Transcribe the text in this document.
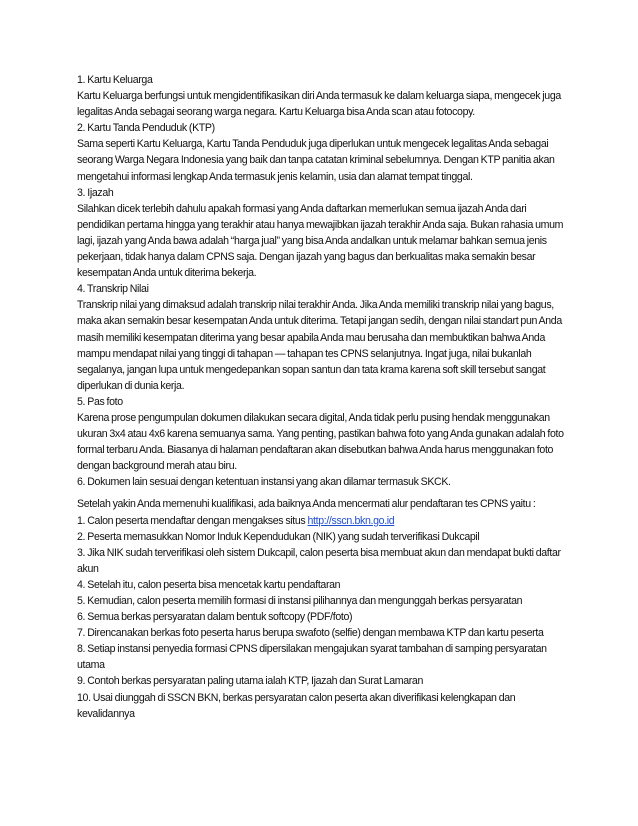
1. Kartu Keluarga

Kartu Keluarga berfungsi untuk mengidentifikasikan diri Anda termasuk ke dalam keluarga siapa, mengecek juga legalitas Anda sebagai seorang warga negara. Kartu Keluarga bisa Anda scan atau fotocopy.

2. Kartu Tanda Penduduk (KTP)

Sama seperti Kartu Keluarga, Kartu Tanda Penduduk juga diperlukan untuk mengecek legalitas Anda sebagai seorang Warga Negara Indonesia yang baik dan tanpa catatan kriminal sebelumnya. Dengan KTP panitia akan mengetahui informasi lengkap Anda termasuk jenis kelamin, usia dan alamat tempat tinggal.

3. Ijazah

Silahkan dicek terlebih dahulu apakah formasi yang Anda daftarkan memerlukan semua ijazah Anda dari pendidikan pertama hingga yang terakhir atau hanya mewajibkan ijazah terakhir Anda saja. Bukan rahasia umum lagi, ijazah yang Anda bawa adalah “harga jual” yang bisa Anda andalkan untuk melamar bahkan semua jenis pekerjaan, tidak hanya dalam CPNS saja. Dengan ijazah yang bagus dan berkualitas maka semakin besar kesempatan Anda untuk diterima bekerja.

4. Transkrip Nilai

Transkrip nilai yang dimaksud adalah transkrip nilai terakhir Anda. Jika Anda memiliki transkrip nilai yang bagus, maka akan semakin besar kesempatan Anda untuk diterima. Tetapi jangan sedih, dengan nilai standart pun Anda masih memiliki kesempatan diterima yang besar apabila Anda mau berusaha dan membuktikan bahwa Anda mampu mendapat nilai yang tinggi di tahapan — tahapan tes CPNS selanjutnya. Ingat juga, nilai bukanlah segalanya, jangan lupa untuk mengedepankan sopan santun dan tata krama karena soft skill tersebut sangat diperlukan di dunia kerja.

5. Pas foto

Karena prose pengumpulan dokumen dilakukan secara digital, Anda tidak perlu pusing hendak menggunakan ukuran 3x4 atau 4x6 karena semuanya sama. Yang penting, pastikan bahwa foto yang Anda gunakan adalah foto formal terbaru Anda. Biasanya di halaman pendaftaran akan disebutkan bahwa Anda harus menggunakan foto dengan background merah atau biru.

6. Dokumen lain sesuai dengan ketentuan instansi yang akan dilamar termasuk SKCK.

Setelah yakin Anda memenuhi kualifikasi, ada baiknya Anda mencermati alur pendaftaran tes CPNS yaitu :

1. Calon peserta mendaftar dengan mengakses situs http://sscn.bkn.go.id

2. Peserta memasukkan Nomor Induk Kependudukan (NIK) yang sudah terverifikasi Dukcapil

3. Jika NIK sudah terverifikasi oleh sistem Dukcapil, calon peserta bisa membuat akun dan mendapat bukti daftar akun

4. Setelah itu, calon peserta bisa mencetak kartu pendaftaran

5. Kemudian, calon peserta memilih formasi di instansi pilihannya dan mengunggah berkas persyaratan

6. Semua berkas persyaratan dalam bentuk softcopy (PDF/foto)

7. Direncanakan berkas foto peserta harus berupa swafoto (selfie) dengan membawa KTP dan kartu peserta

8. Setiap instansi penyedia formasi CPNS dipersilakan mengajukan syarat tambahan di samping persyaratan utama

9. Contoh berkas persyaratan paling utama ialah KTP, Ijazah dan Surat Lamaran

10. Usai diunggah di SSCN BKN, berkas persyaratan calon peserta akan diverifikasi kelengkapan dan kevalidannya
